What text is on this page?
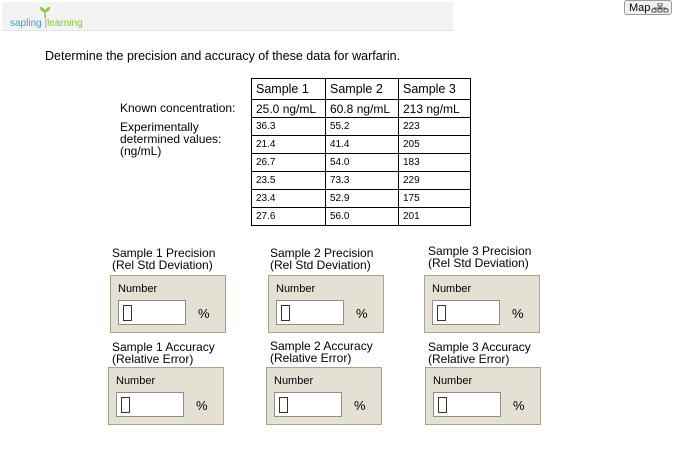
sapling |learning
Map
Determine the precision and accuracy of these data for warfarin.
Known concentration:
Experimentally determined values: (ng/mL)
Sample 1	Sample 2	Sample 3
25.0 ng/mL	60.8 ng/mL	213 ng/mL
36.3	55.2	223
21.4	41.4	205
26.7	54.0	183
23.5	73.3	229
23.4	52.9	175
27.6	56.0	201
Sample 1 Precision
(Rel Std Deviation)
Number
%
Sample 2 Precision
(Rel Std Deviation)
Number
%
Sample 3 Precision
(Rel Std Deviation)
Number
%
Sample 1 Accuracy
(Relative Error)
Number
%
Sample 2 Accuracy
(Relative Error)
Number
%
Sample 3 Accuracy
(Relative Error)
Number
%
